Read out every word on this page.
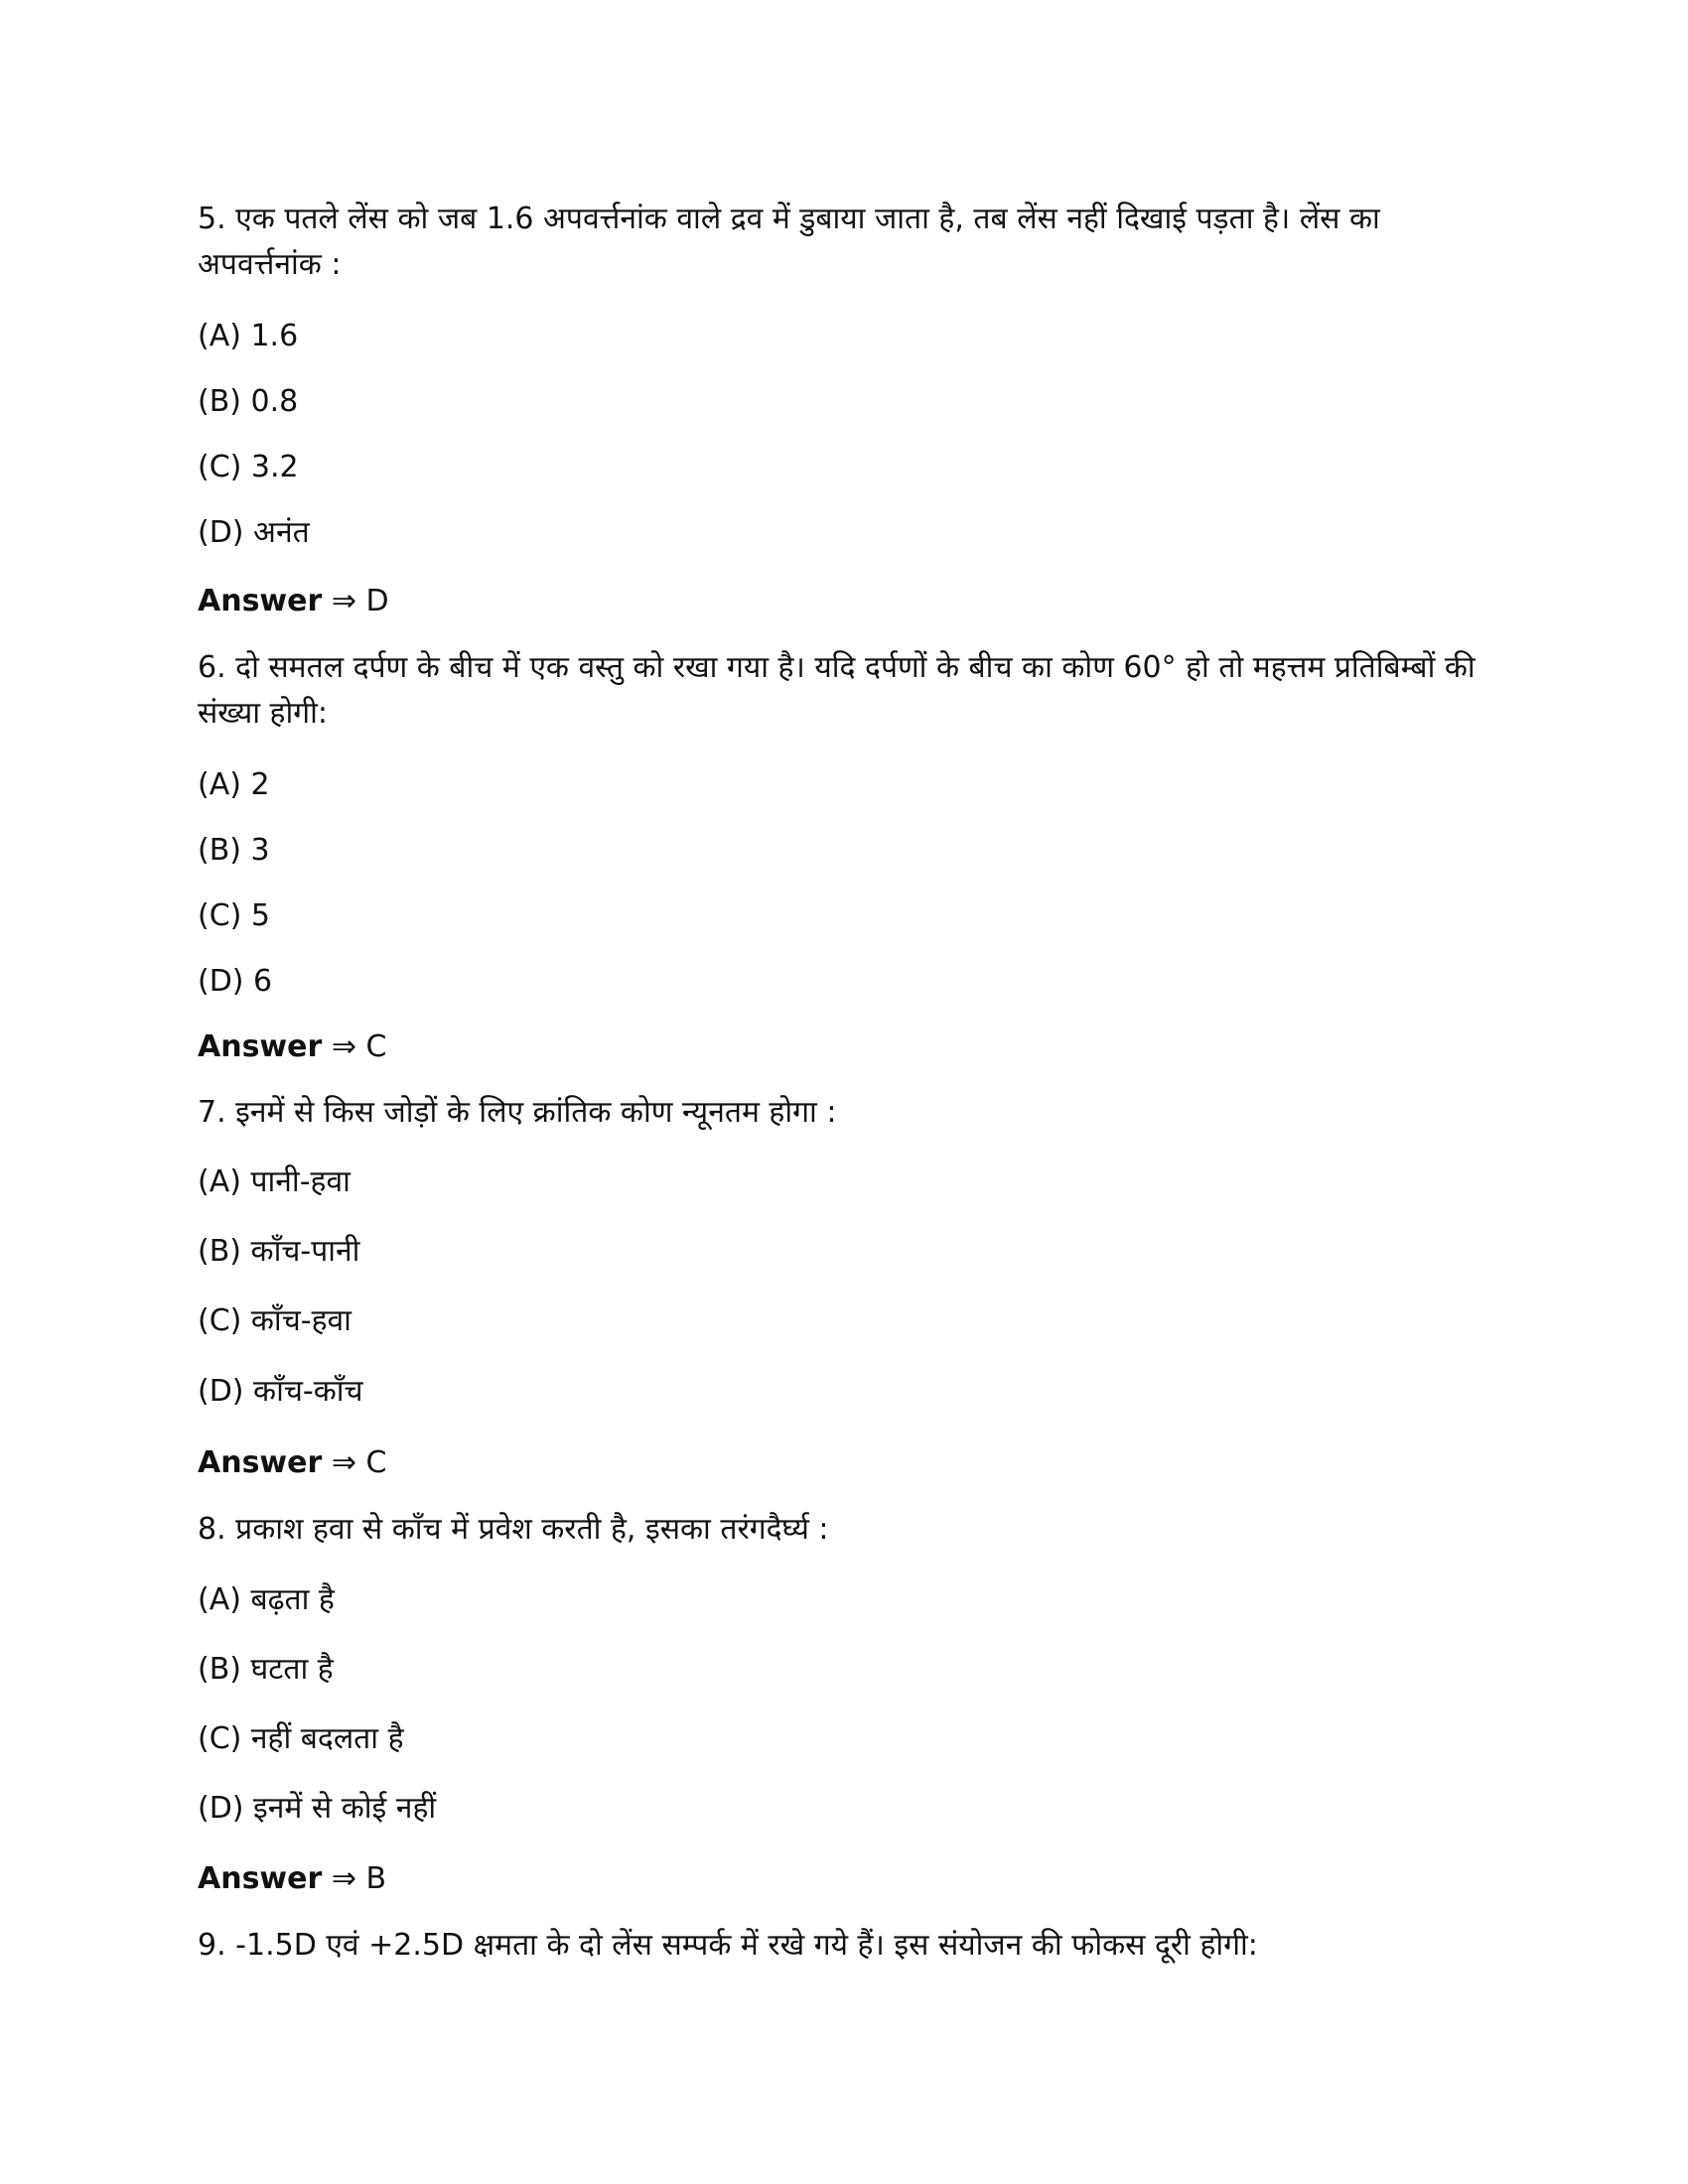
5. एक पतले लेंस को जब 1.6 अपवर्त्तनांक वाले द्रव में डुबाया जाता है, तब लेंस नहीं दिखाई पड़ता है। लेंस का अपवर्त्तनांक :
(A) 1.6
(B) 0.8
(C) 3.2
(D) अनंत
Answer ⇒ D
6. दो समतल दर्पण के बीच में एक वस्तु को रखा गया है। यदि दर्पणों के बीच का कोण 60° हो तो महत्तम प्रतिबिम्बों की संख्या होगी:
(A) 2
(B) 3
(C) 5
(D) 6
Answer ⇒ C
7. इनमें से किस जोड़ों के लिए क्रांतिक कोण न्यूनतम होगा :
(A) पानी-हवा
(B) काँच-पानी
(C) काँच-हवा
(D) काँच-काँच
Answer ⇒ C
8. प्रकाश हवा से काँच में प्रवेश करती है, इसका तरंगदैर्घ्य :
(A) बढ़ता है
(B) घटता है
(C) नहीं बदलता है
(D) इनमें से कोई नहीं
Answer ⇒ B
9. -1.5D एवं +2.5D क्षमता के दो लेंस सम्पर्क में रखे गये हैं। इस संयोजन की फोकस दूरी होगी:
